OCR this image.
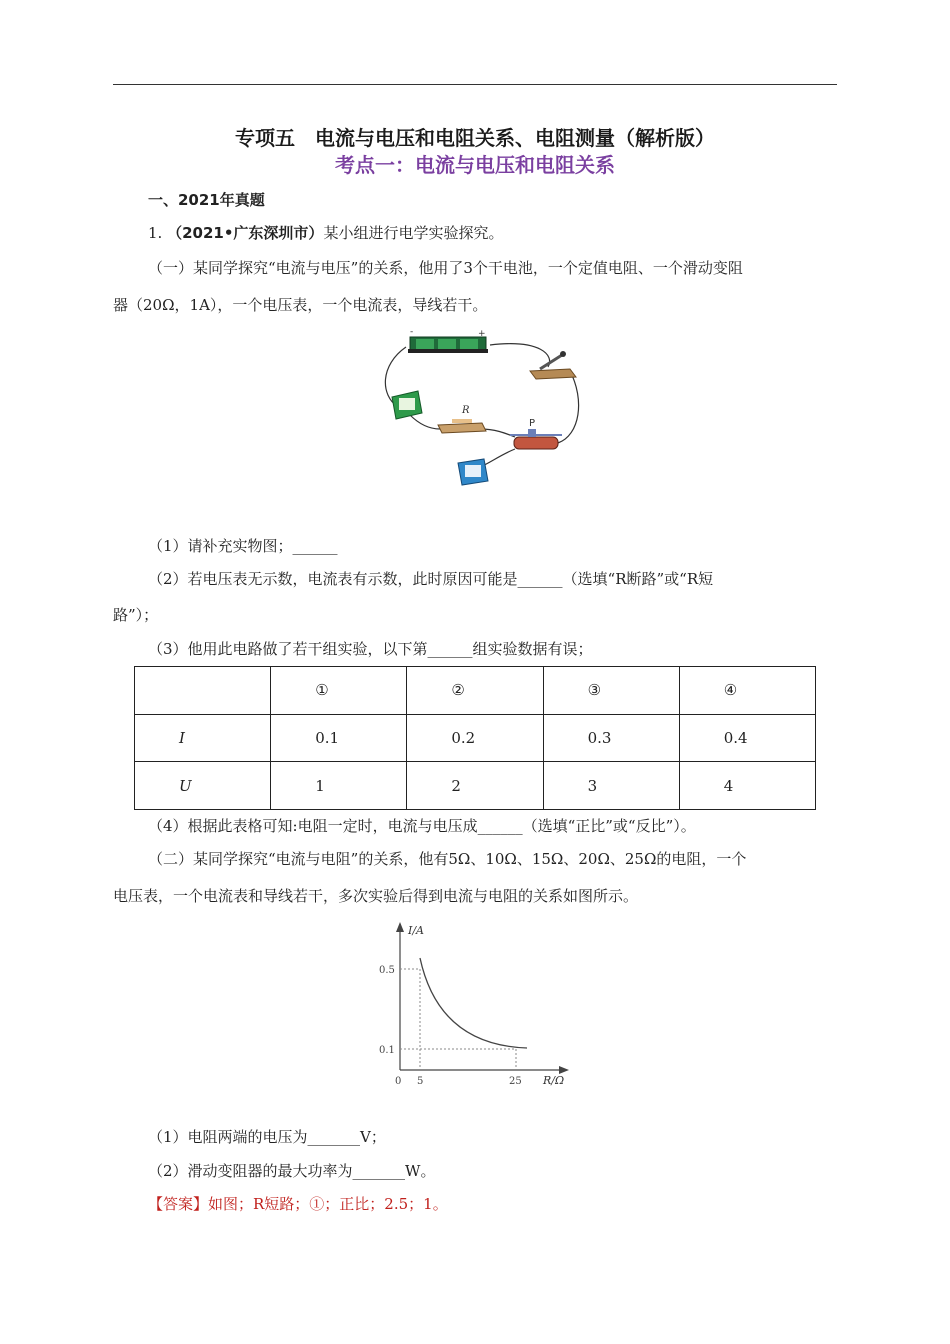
专项五　电流与电压和电阻关系、电阻测量（解析版）
考点一：电流与电压和电阻关系
一、2021年真题
1. （2021•广东深圳市）某小组进行电学实验探究。
（一）某同学探究“电流与电压”的关系，他用了3个干电池，一个定值电阻、一个滑动变阻
器（20Ω，1A），一个电压表，一个电流表，导线若干。
-	+
R
P
（1）请补充实物图；______
（2）若电压表无示数，电流表有示数，此时原因可能是______（选填“R断路”或“R短
路”）；
（3）他用此电路做了若干组实验，以下第______组实验数据有误；
	①	②	③	④
I	0.1	0.2	0.3	0.4
U	1	2	3	4
（4）根据此表格可知:电阻一定时，电流与电压成______（选填“正比”或“反比”）。
（二）某同学探究“电流与电阻”的关系，他有5Ω、10Ω、15Ω、20Ω、25Ω的电阻，一个
电压表，一个电流表和导线若干，多次实验后得到电流与电阻的关系如图所示。
I/A
R/Ω
0
0.5
0.1
5	25
（1）电阻两端的电压为_______V；
（2）滑动变阻器的最大功率为_______W。
【答案】如图；R短路；①；正比；2.5；1。
